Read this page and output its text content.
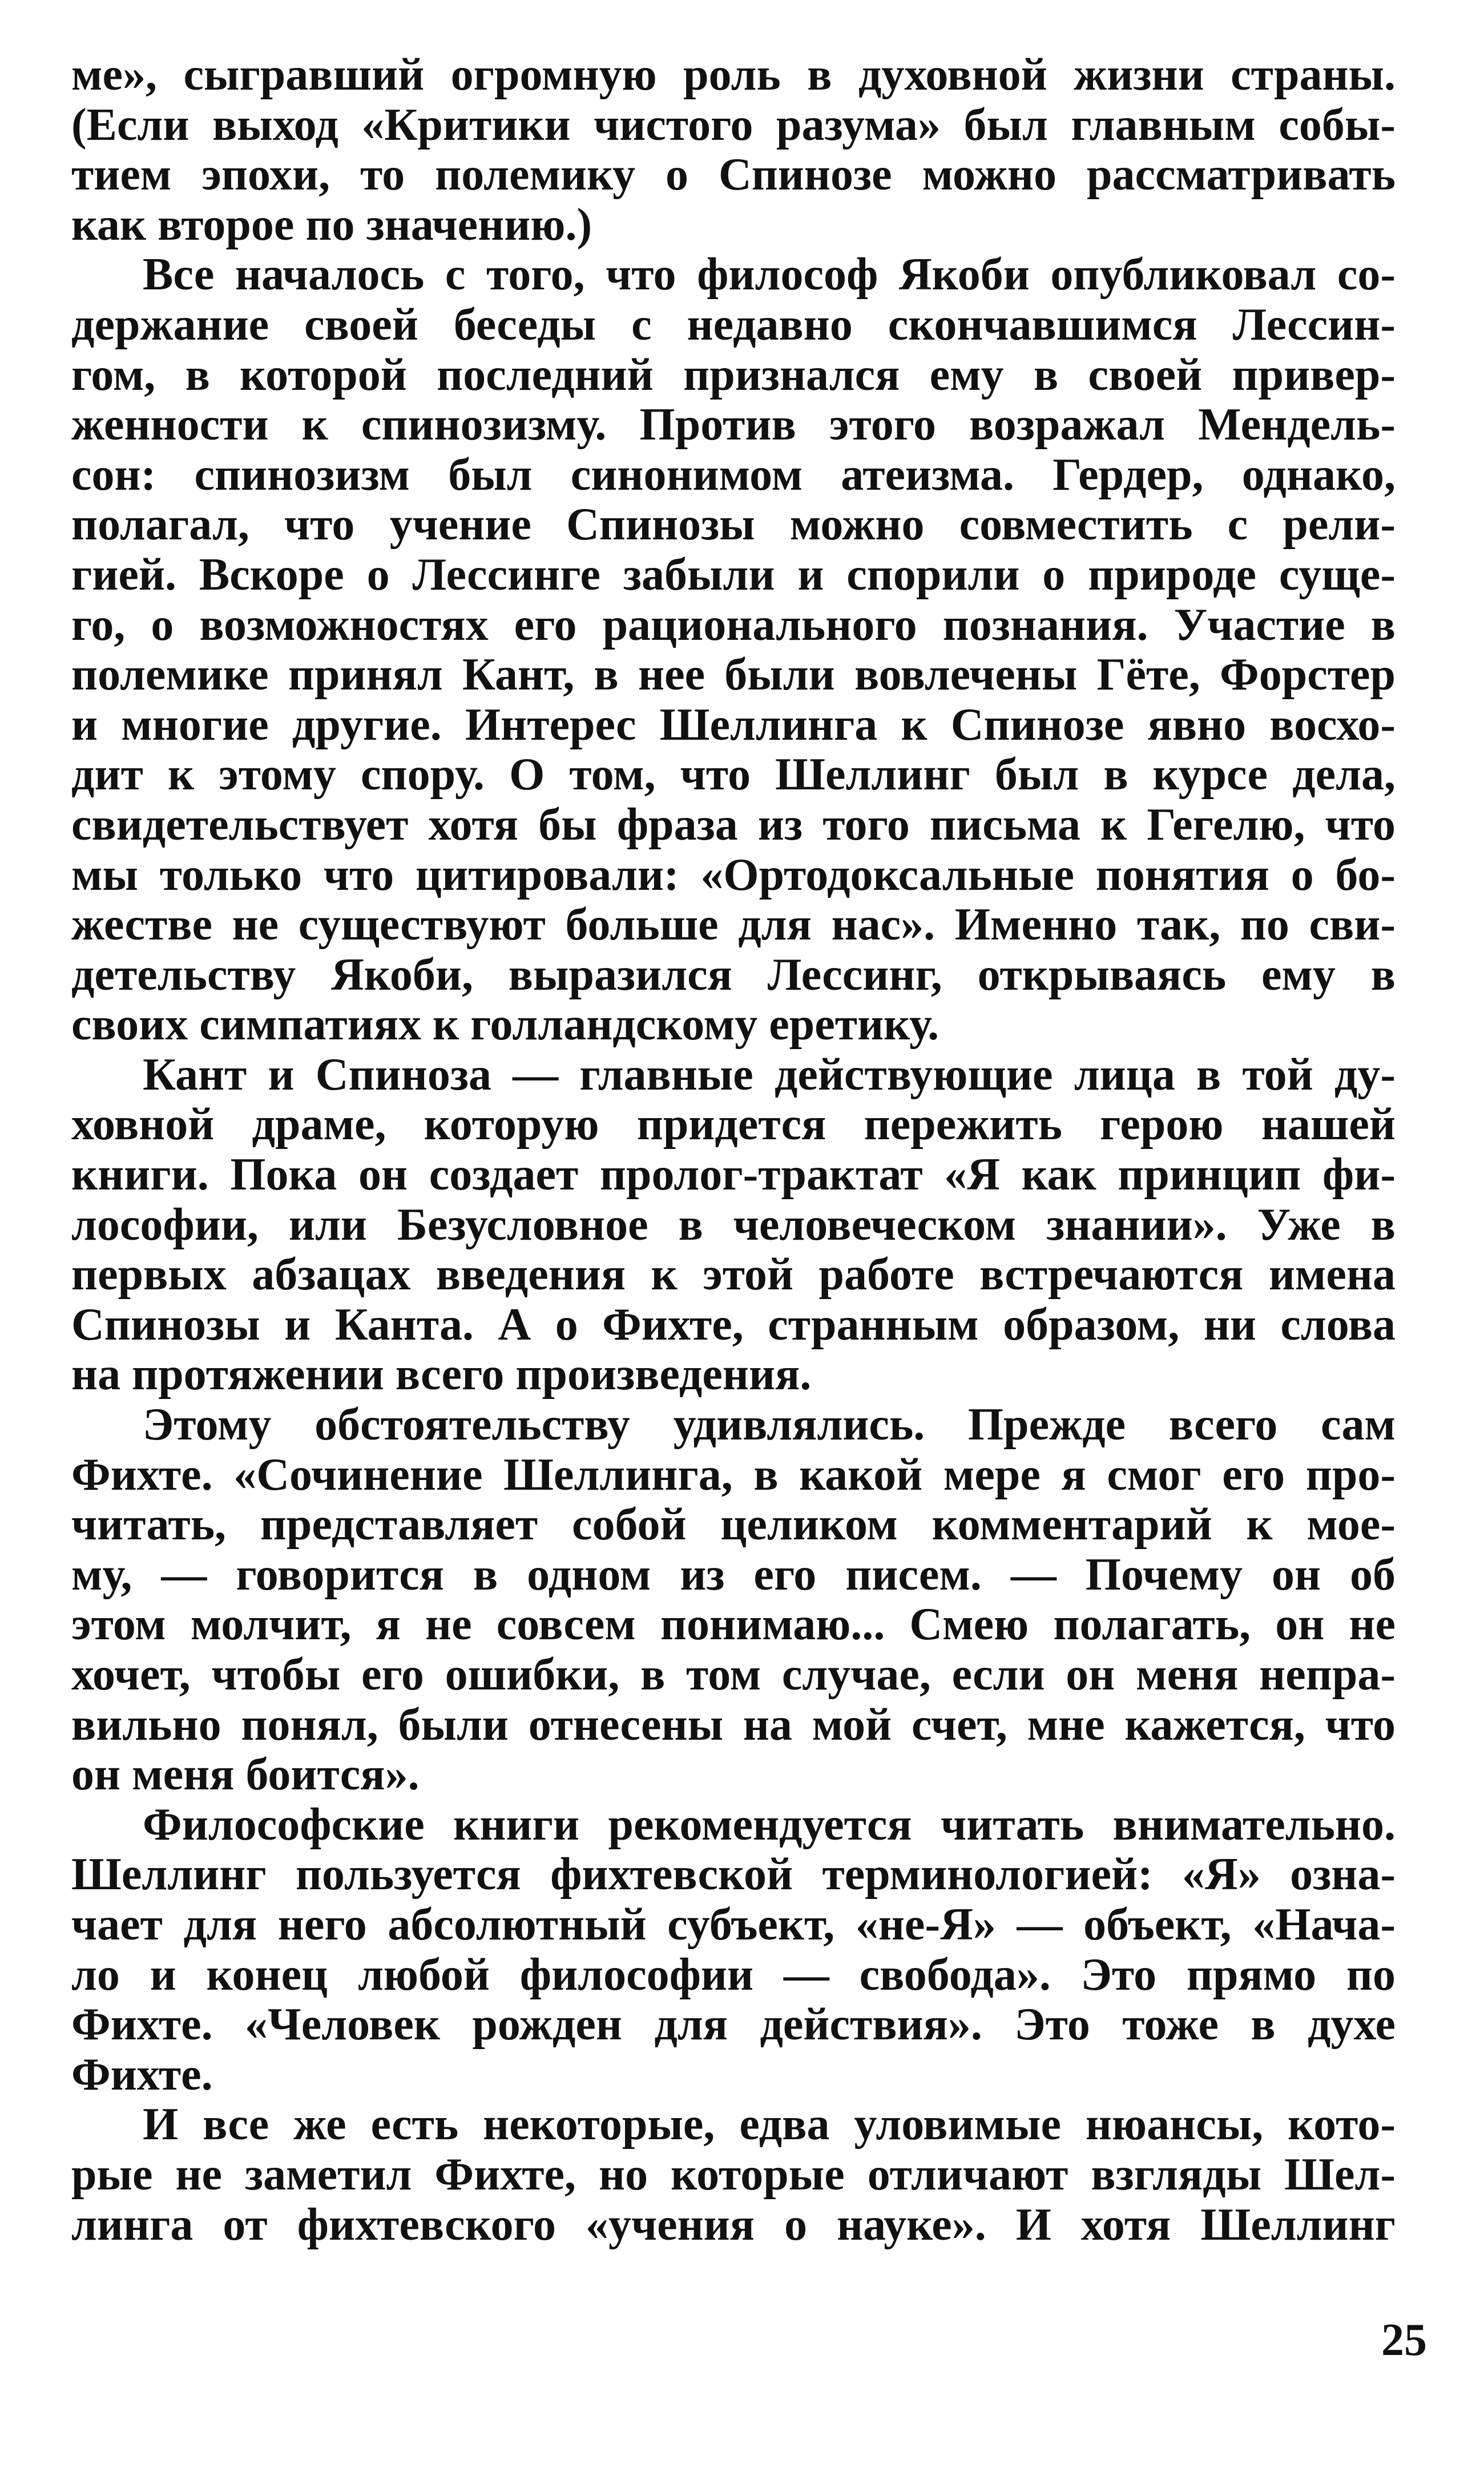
ме», сыгравший огромную роль в духовной жизни страны.
(Если выход «Критики чистого разума» был главным собы-
тием эпохи, то полемику о Спинозе можно рассматривать
как второе по значению.)
Все началось с того, что философ Якоби опубликовал со-
держание своей беседы с недавно скончавшимся Лессин-
гом, в которой последний признался ему в своей привер-
женности к спинозизму. Против этого возражал Мендель-
сон: спинозизм был синонимом атеизма. Гердер, однако,
полагал, что учение Спинозы можно совместить с рели-
гией. Вскоре о Лессинге забыли и спорили о природе суще-
го, о возможностях его рационального познания. Участие в
полемике принял Кант, в нее были вовлечены Гёте, Форстер
и многие другие. Интерес Шеллинга к Спинозе явно восхо-
дит к этому спору. О том, что Шеллинг был в курсе дела,
свидетельствует хотя бы фраза из того письма к Гегелю, что
мы только что цитировали: «Ортодоксальные понятия о бо-
жестве не существуют больше для нас». Именно так, по сви-
детельству Якоби, выразился Лессинг, открываясь ему в
своих симпатиях к голландскому еретику.
Кант и Спиноза — главные действующие лица в той ду-
ховной драме, которую придется пережить герою нашей
книги. Пока он создает пролог-трактат «Я как принцип фи-
лософии, или Безусловное в человеческом знании». Уже в
первых абзацах введения к этой работе встречаются имена
Спинозы и Канта. А о Фихте, странным образом, ни слова
на протяжении всего произведения.
Этому обстоятельству удивлялись. Прежде всего сам
Фихте. «Сочинение Шеллинга, в какой мере я смог его про-
читать, представляет собой целиком комментарий к мое-
му, — говорится в одном из его писем. — Почему он об
этом молчит, я не совсем понимаю... Смею полагать, он не
хочет, чтобы его ошибки, в том случае, если он меня непра-
вильно понял, были отнесены на мой счет, мне кажется, что
он меня боится».
Философские книги рекомендуется читать внимательно.
Шеллинг пользуется фихтевской терминологией: «Я» озна-
чает для него абсолютный субъект, «не-Я» — объект, «Нача-
ло и конец любой философии — свобода». Это прямо по
Фихте. «Человек рожден для действия». Это тоже в духе
Фихте.
И все же есть некоторые, едва уловимые нюансы, кото-
рые не заметил Фихте, но которые отличают взгляды Шел-
линга от фихтевского «учения о науке». И хотя Шеллинг
25
